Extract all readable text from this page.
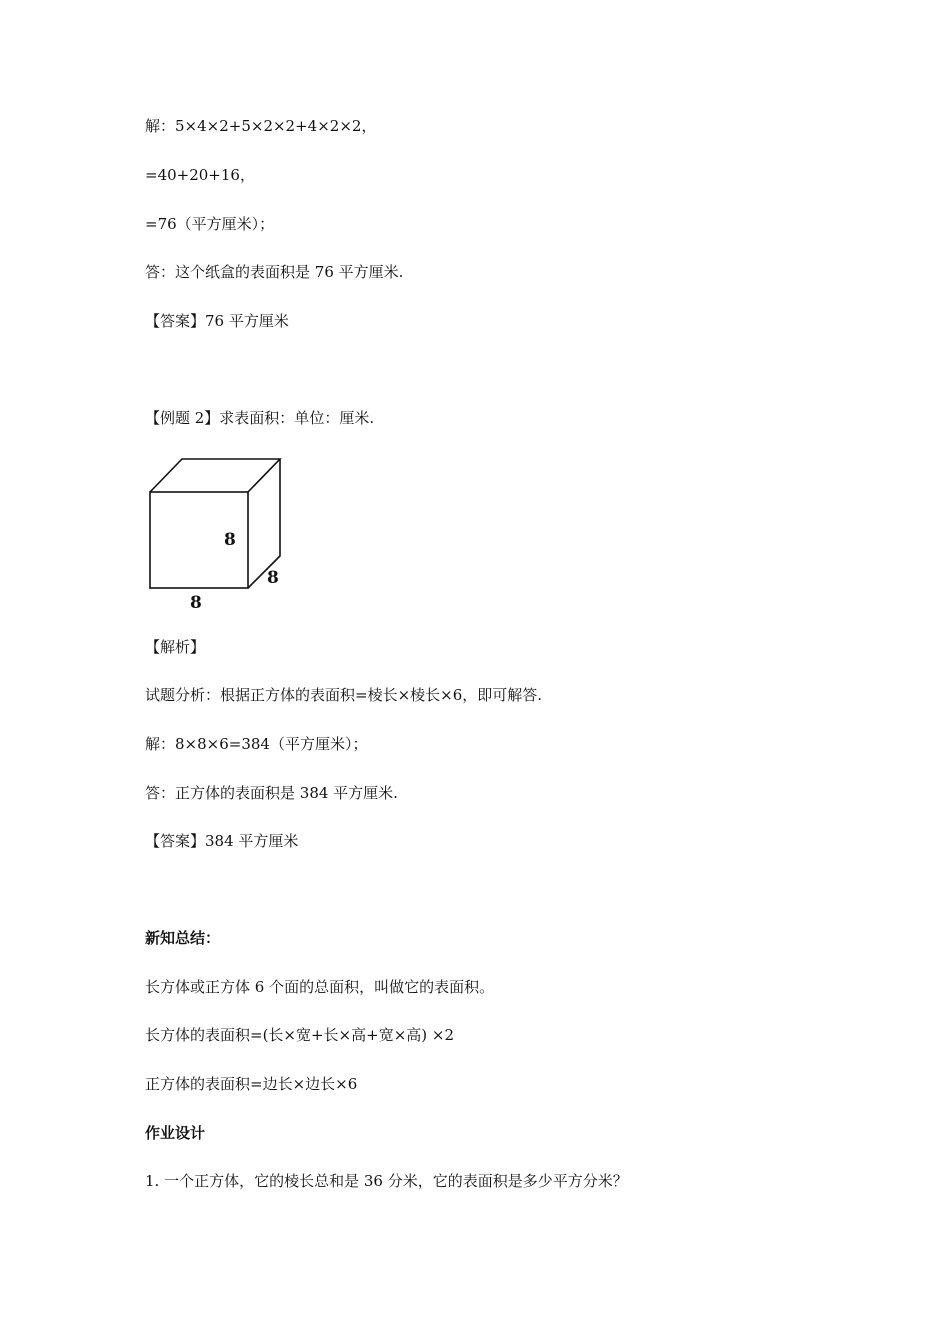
解：5×4×2+5×2×2+4×2×2，

=40+20+16，

=76（平方厘米）；

答：这个纸盒的表面积是 76 平方厘米.

【答案】76 平方厘米

【例题 2】求表面积：单位：厘米.

8
8
8

【解析】

试题分析：根据正方体的表面积=棱长×棱长×6，即可解答.

解：8×8×6=384（平方厘米）；

答：正方体的表面积是 384 平方厘米.

【答案】384 平方厘米

新知总结：

长方体或正方体 6 个面的总面积，叫做它的表面积。

长方体的表面积=(长×宽+长×高+宽×高) ×2

正方体的表面积=边长×边长×6

作业设计

1. 一个正方体，它的棱长总和是 36 分米，它的表面积是多少平方分米？
